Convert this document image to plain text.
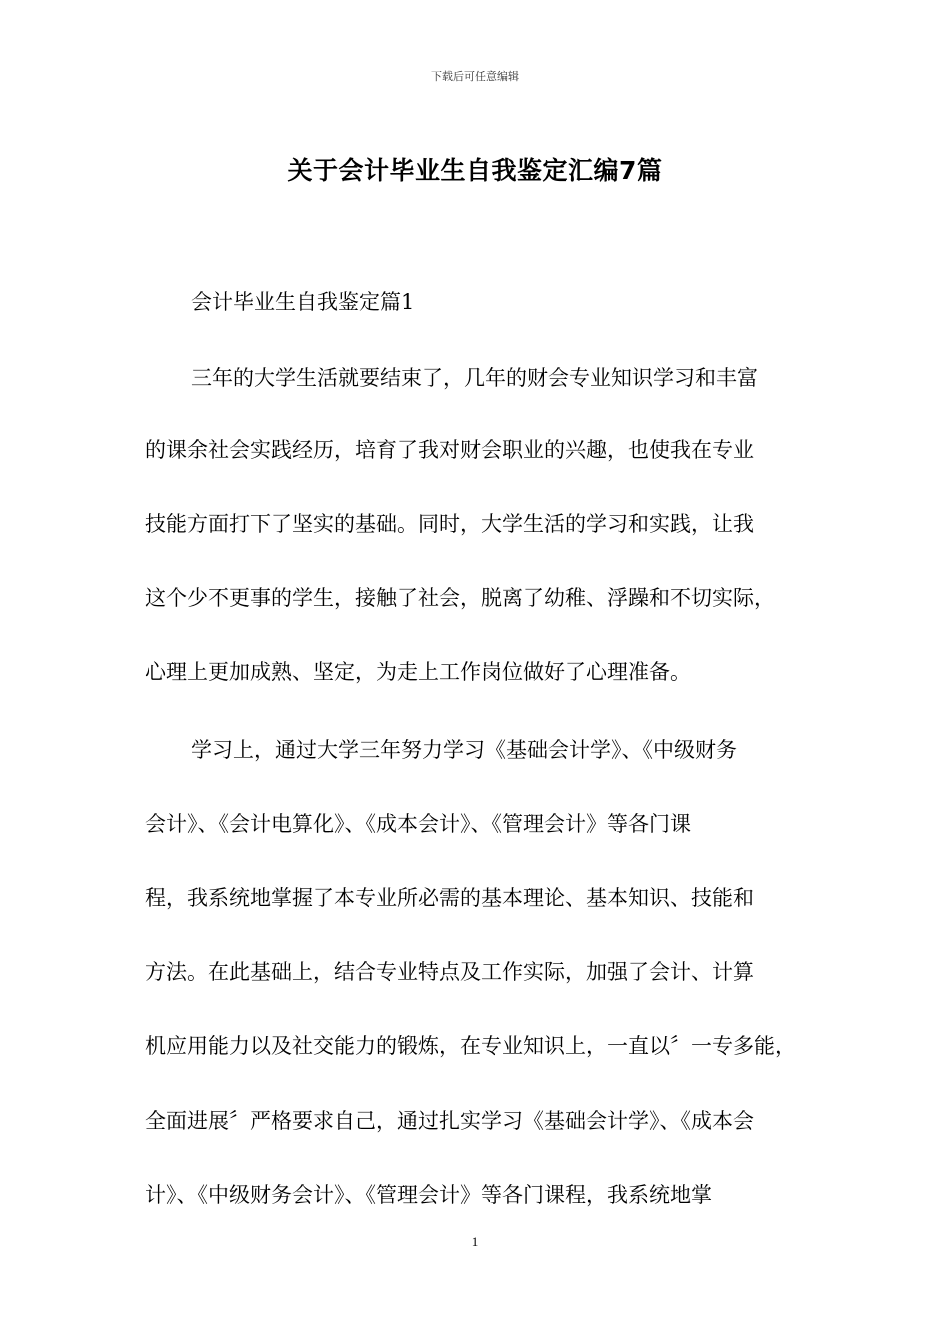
下载后可任意编辑
关于会计毕业生自我鉴定汇编7篇
会计毕业生自我鉴定篇1
三年的大学生活就要结束了，几年的财会专业知识学习和丰富
的课余社会实践经历，培育了我对财会职业的兴趣，也使我在专业
技能方面打下了坚实的基础。同时，大学生活的学习和实践，让我
这个少不更事的学生，接触了社会，脱离了幼稚、浮躁和不切实际，
心理上更加成熟、坚定，为走上工作岗位做好了心理准备。
学习上，通过大学三年努力学习《基础会计学》、《中级财务
会计》、《会计电算化》、《成本会计》、《管理会计》等各门课
程，我系统地掌握了本专业所必需的基本理论、基本知识、技能和
方法。在此基础上，结合专业特点及工作实际，加强了会计、计算
机应用能力以及社交能力的锻炼，在专业知识上，一直以〞一专多能，
全面进展〞严格要求自己，通过扎实学习《基础会计学》、《成本会
计》、《中级财务会计》、《管理会计》等各门课程，我系统地掌
1
